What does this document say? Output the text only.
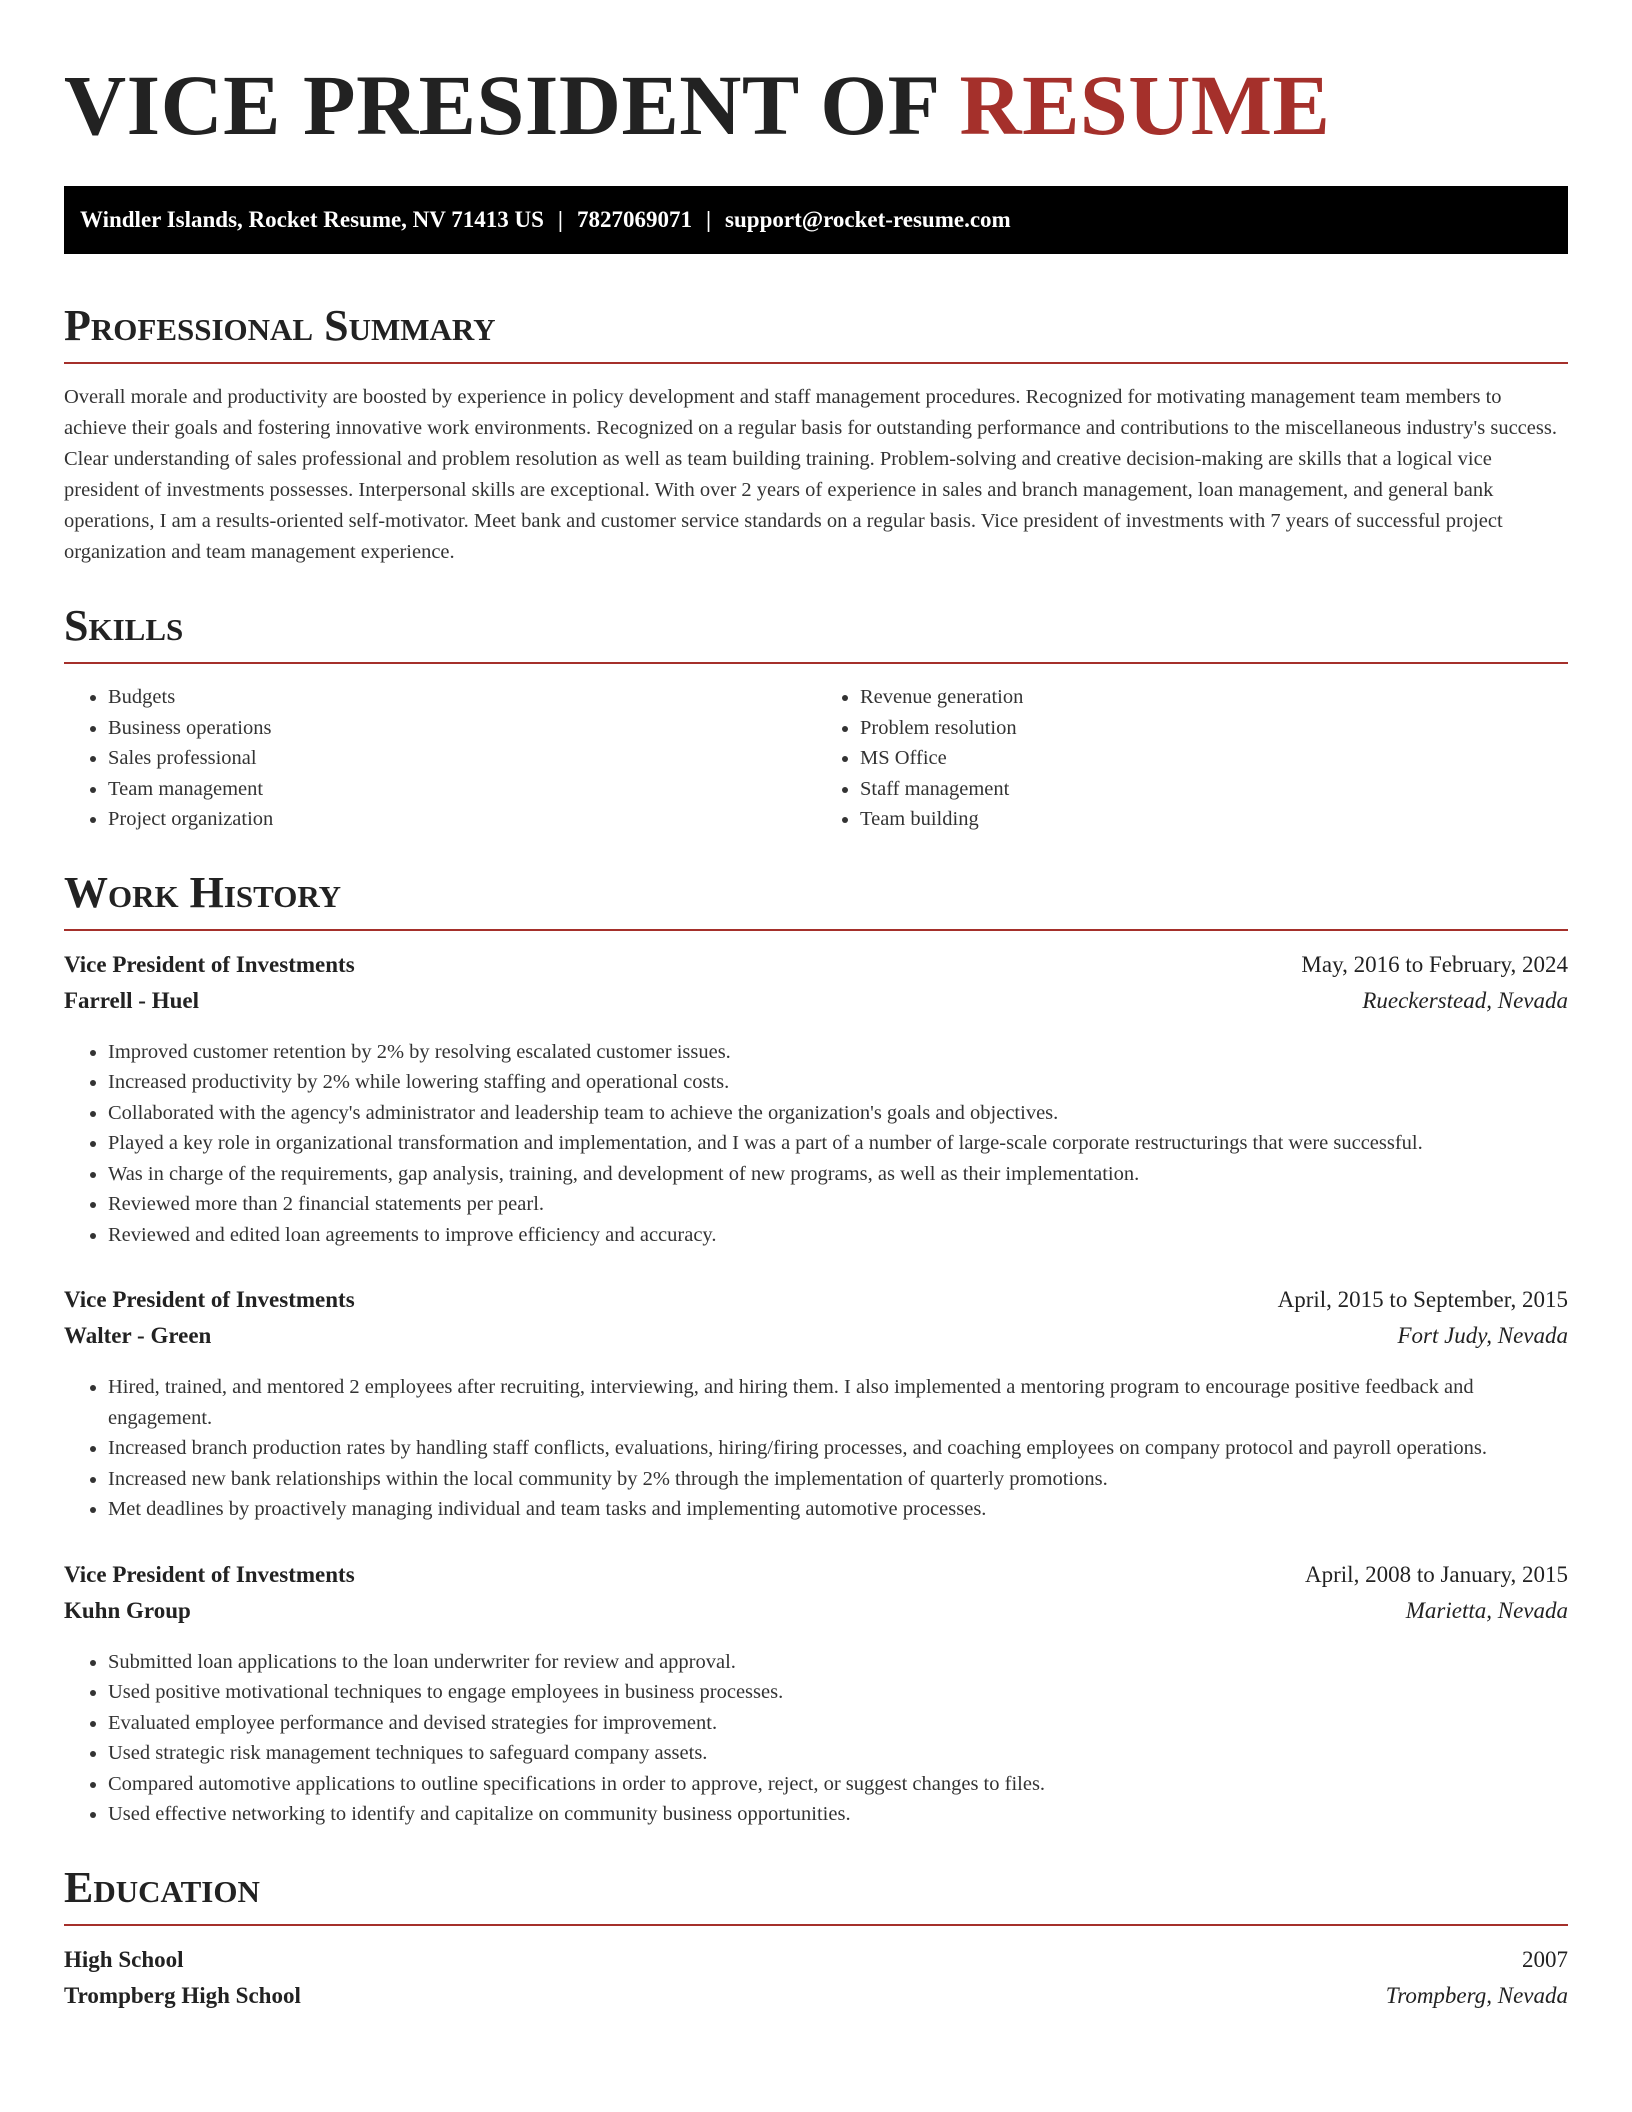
VICE PRESIDENT OF RESUME
Windler Islands, Rocket Resume, NV 71413 US | 7827069071 | support@rocket-resume.com
Professional Summary

Overall morale and productivity are boosted by experience in policy development and staff management procedures. Recognized for motivating management team members to achieve their goals and fostering innovative work environments. Recognized on a regular basis for outstanding performance and contributions to the miscellaneous industry's success. Clear understanding of sales professional and problem resolution as well as team building training. Problem-solving and creative decision-making are skills that a logical vice president of investments possesses. Interpersonal skills are exceptional. With over 2 years of experience in sales and branch management, loan management, and general bank operations, I am a results-oriented self-motivator. Meet bank and customer service standards on a regular basis. Vice president of investments with 7 years of successful project organization and team management experience.

Skills
• Budgets
• Business operations
• Sales professional
• Team management
• Project organization
• Revenue generation
• Problem resolution
• MS Office
• Staff management
• Team building
Work History
Vice President of Investments	May, 2016 to February, 2024
Farrell - Huel	Rueckerstead, Nevada
• Improved customer retention by 2% by resolving escalated customer issues.
• Increased productivity by 2% while lowering staffing and operational costs.
• Collaborated with the agency's administrator and leadership team to achieve the organization's goals and objectives.
• Played a key role in organizational transformation and implementation, and I was a part of a number of large-scale corporate restructurings that were successful.
• Was in charge of the requirements, gap analysis, training, and development of new programs, as well as their implementation.
• Reviewed more than 2 financial statements per pearl.
• Reviewed and edited loan agreements to improve efficiency and accuracy.
Vice President of Investments	April, 2015 to September, 2015
Walter - Green	Fort Judy, Nevada
• Hired, trained, and mentored 2 employees after recruiting, interviewing, and hiring them. I also implemented a mentoring program to encourage positive feedback and engagement.
• Increased branch production rates by handling staff conflicts, evaluations, hiring/firing processes, and coaching employees on company protocol and payroll operations.
• Increased new bank relationships within the local community by 2% through the implementation of quarterly promotions.
• Met deadlines by proactively managing individual and team tasks and implementing automotive processes.
Vice President of Investments	April, 2008 to January, 2015
Kuhn Group	Marietta, Nevada
• Submitted loan applications to the loan underwriter for review and approval.
• Used positive motivational techniques to engage employees in business processes.
• Evaluated employee performance and devised strategies for improvement.
• Used strategic risk management techniques to safeguard company assets.
• Compared automotive applications to outline specifications in order to approve, reject, or suggest changes to files.
• Used effective networking to identify and capitalize on community business opportunities.
Education
High School	2007
Trompberg High School	Trompberg, Nevada
